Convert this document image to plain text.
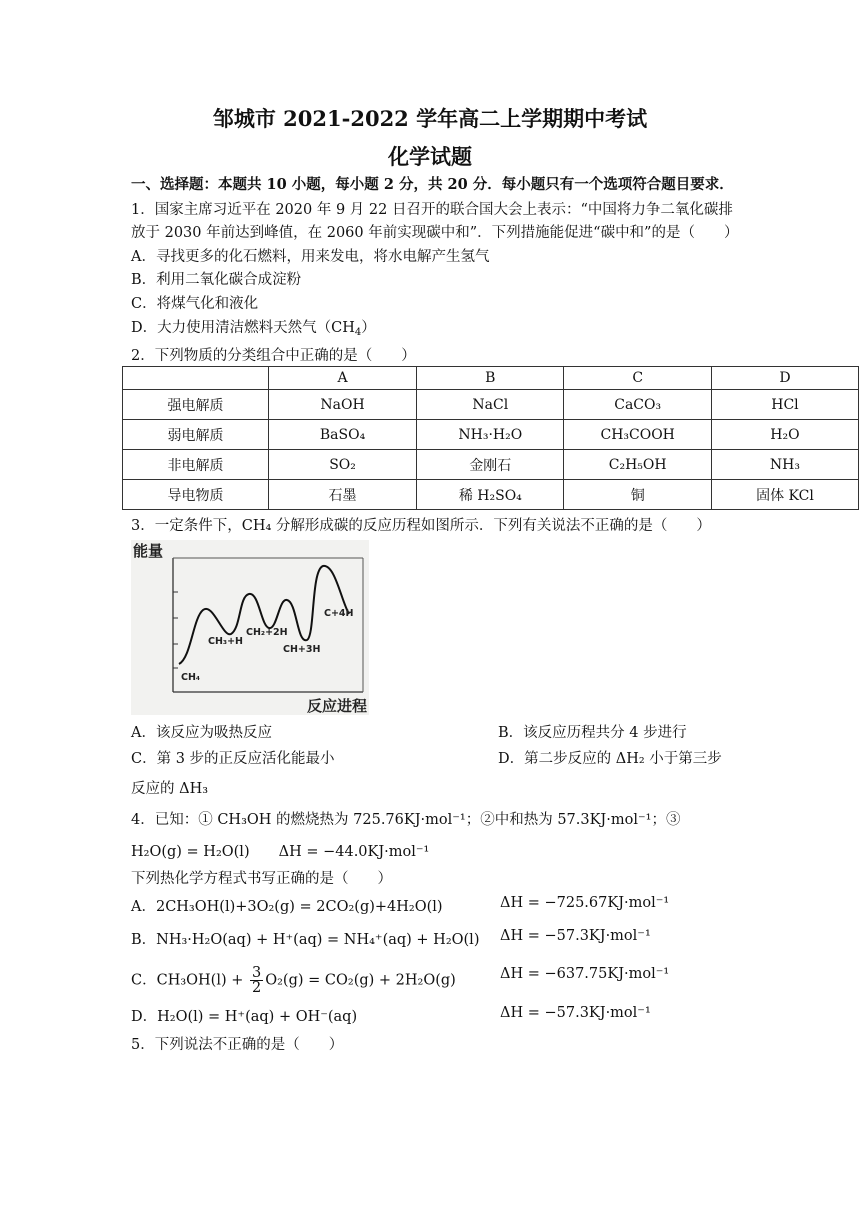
邹城市 2021-2022 学年高二上学期期中考试
化学试题
一、选择题：本题共 10 小题，每小题 2 分，共 20 分．每小题只有一个选项符合题目要求．
1．国家主席习近平在 2020 年 9 月 22 日召开的联合国大会上表示：“中国将力争二氧化碳排
放于 2030 年前达到峰值，在 2060 年前实现碳中和”．下列措施能促进“碳中和”的是（　　）
A．寻找更多的化石燃料，用来发电，将水电解产生氢气
B．利用二氧化碳合成淀粉
C．将煤气化和液化
D．大力使用清洁燃料天然气$(CH_4)$
2．下列物质的分类组合中正确的是（　　）
	A	B	C	D
强电解质	NaOH	NaCl	CaCO₃	HCl
弱电解质	BaSO₄	NH₃·H₂O	CH₃COOH	H₂O
非电解质	SO₂	金刚石	C₂H₅OH	NH₃
导电物质	石墨	稀 H₂SO₄	铜	固体 KCl
3．一定条件下，CH₄ 分解形成碳的反应历程如图所示．下列有关说法不正确的是（　　）
能量
反应进程
CH₄
CH₃+H
CH₂+2H
CH+3H
C+4H
A．该反应为吸热反应	B．该反应历程共分 4 步进行
C．第 3 步的正反应活化能最小	D．第二步反应的 ΔH₂ 小于第三步
反应的 ΔH₃
4．已知：① CH₃OH 的燃烧热为 725.76KJ·mol⁻¹；②中和热为 57.3KJ·mol⁻¹；③
H₂O(g) = H₂O(l)　　ΔH = −44.0KJ·mol⁻¹
下列热化学方程式书写正确的是（　　）
A．2CH₃OH(l)+3O₂(g) = 2CO₂(g)+4H₂O(l)	ΔH = −725.67KJ·mol⁻¹
B．NH₃·H₂O(aq) + H⁺(aq) = NH₄⁺(aq) + H₂O(l) ΔH = −57.3KJ·mol⁻¹
C．$CH_3OH(l) + \frac{3}{2} O_2(g) = CO_2(g) + 2H_2O(g)$	ΔH = −637.75KJ·mol⁻¹
D．H₂O(l) = H⁺(aq) + OH⁻(aq)	ΔH = −57.3KJ·mol⁻¹
5．下列说法不正确的是（　　）
